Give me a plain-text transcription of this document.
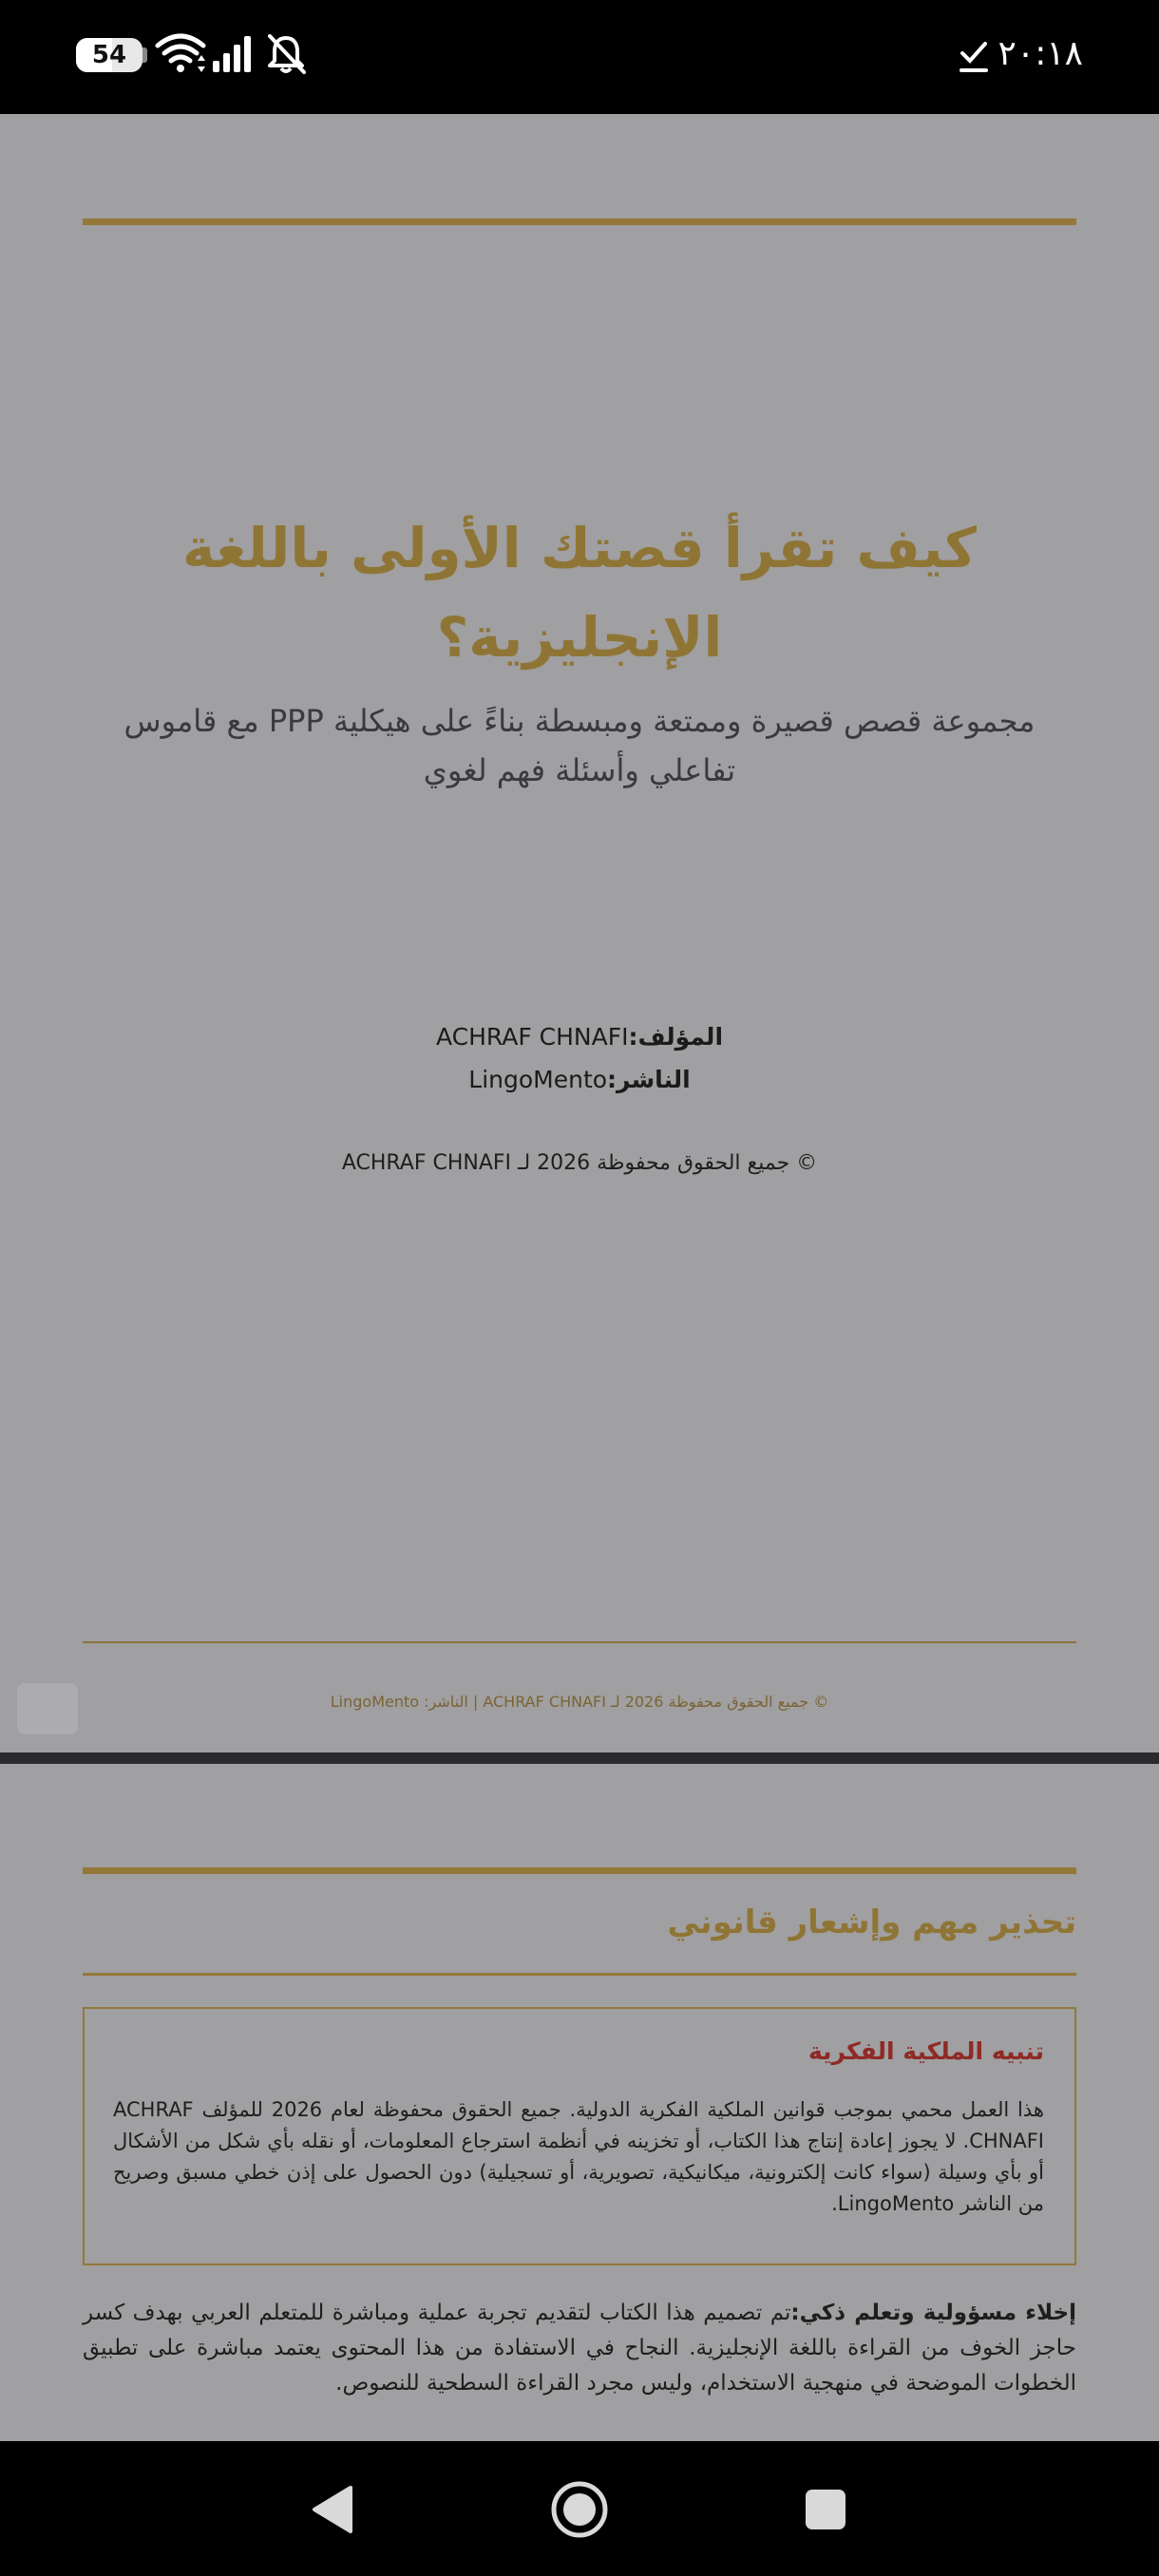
54	٢٠:١٨
كيف تقرأ قصتك الأولى باللغة الإنجليزية؟

مجموعة قصص قصيرة وممتعة ومبسطة بناءً على هيكلية PPP مع قاموس تفاعلي وأسئلة فهم لغوي

المؤلف:ACHRAF CHNAFI
الناشر:LingoMento
© جميع الحقوق محفوظة 2026 لـ ACHRAF CHNAFI
© جميع الحقوق محفوظة 2026 لـ ACHRAF CHNAFI | الناشر: LingoMento
تحذير مهم وإشعار قانوني
تنبيه الملكية الفكرية

هذا العمل محمي بموجب قوانين الملكية الفكرية الدولية. جميع الحقوق محفوظة لعام 2026 للمؤلف ACHRAF CHNAFI. لا يجوز إعادة إنتاج هذا الكتاب، أو تخزينه في أنظمة استرجاع المعلومات، أو نقله بأي شكل من الأشكال أو بأي وسيلة (سواء كانت إلكترونية، ميكانيكية، تصويرية، أو تسجيلية) دون الحصول على إذن خطي مسبق وصريح من الناشر LingoMento.

إخلاء مسؤولية وتعلم ذكي:تم تصميم هذا الكتاب لتقديم تجربة عملية ومباشرة للمتعلم العربي بهدف كسر حاجز الخوف من القراءة باللغة الإنجليزية. النجاح في الاستفادة من هذا المحتوى يعتمد مباشرة على تطبيق الخطوات الموضحة في منهجية الاستخدام، وليس مجرد القراءة السطحية للنصوص.
